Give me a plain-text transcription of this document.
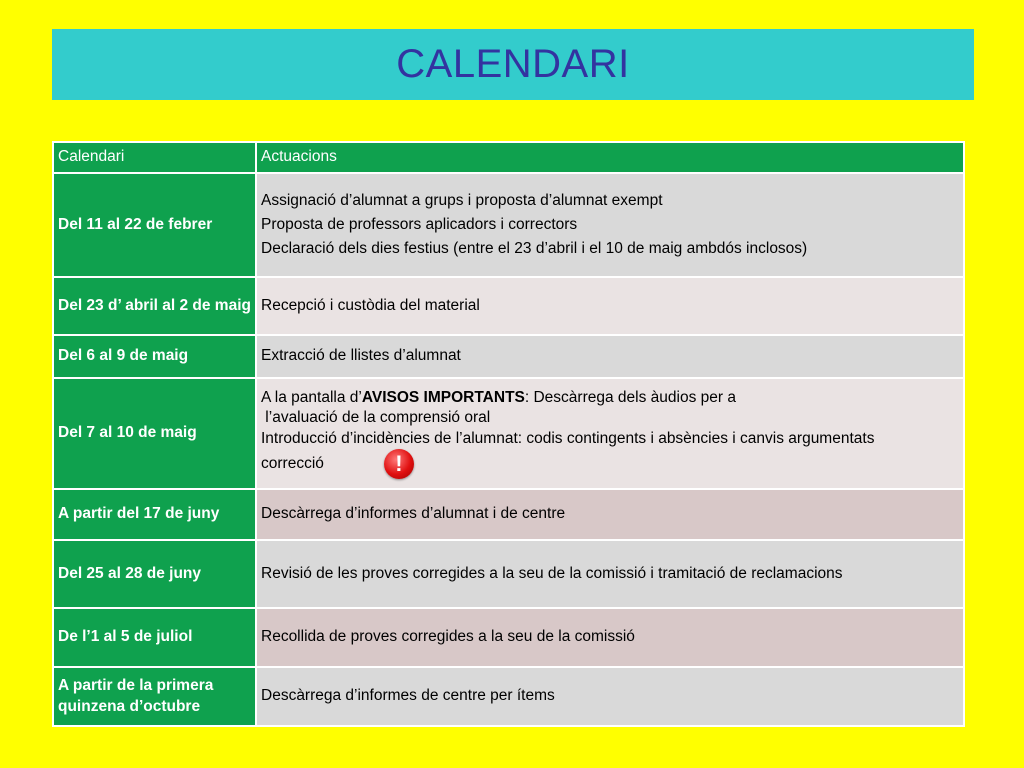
CALENDARI
Calendari	Actuacions
Del 11 al 22 de febrer	Assignació d’alumnat a grups i proposta d’alumnat exempt
Proposta de professors aplicadors i correctors
Declaració dels dies festius (entre el 23 d’abril i el 10 de maig ambdós inclosos)

Del 23 d’ abril al 2 de maig	Recepció i custòdia del material

Del 6 al 9 de maig	Extracció de llistes d’alumnat

Del 7 al 10 de maig	A la pantalla d’AVISOS IMPORTANTS: Descàrrega dels àudios per a
l’avaluació de la comprensió oral
Introducció d’incidències de l’alumnat: codis contingents i absències i canvis argumentats
correcció !

A partir del 17 de juny	Descàrrega d’informes d’alumnat i de centre

Del 25 al 28 de juny	Revisió de les proves corregides a la seu de la comissió i tramitació de reclamacions

De l’1 al 5 de juliol	Recollida de proves corregides a la seu de la comissió

A partir de la primera quinzena d’octubre	Descàrrega d’informes de centre per ítems
